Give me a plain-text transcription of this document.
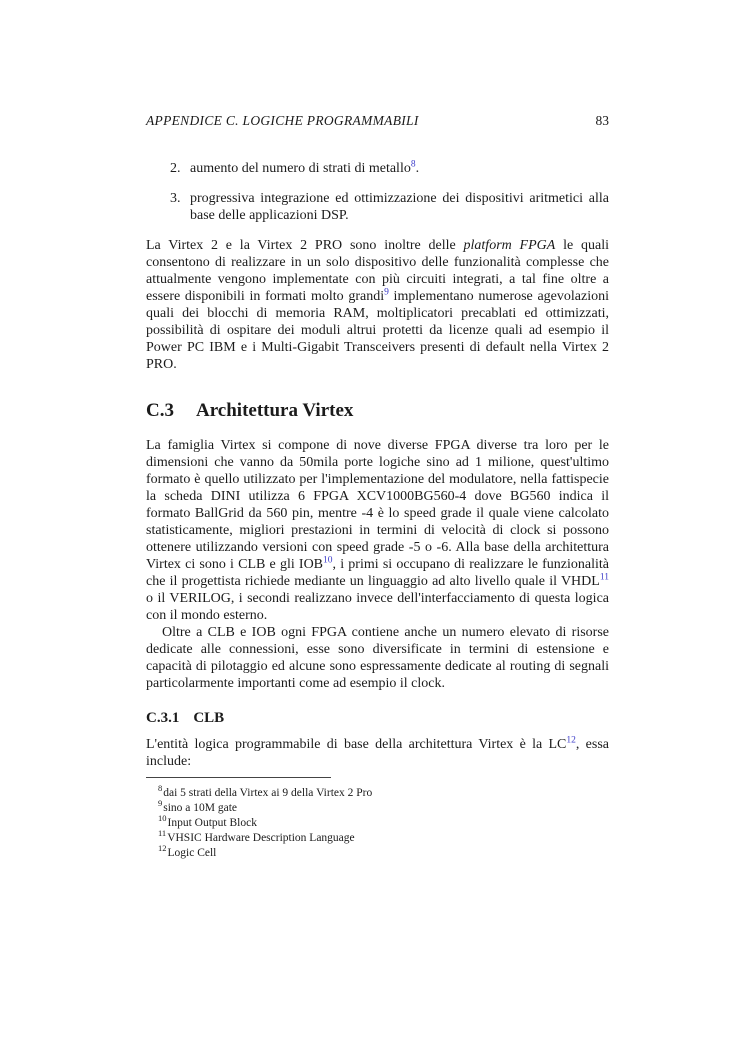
APPENDICE C. LOGICHE PROGRAMMABILI	83
2. aumento del numero di strati di metallo$^8$.
3. progressiva integrazione ed ottimizzazione dei dispositivi aritmetici alla base delle applicazioni DSP.

La Virtex 2 e la Virtex 2 PRO sono inoltre delle platform FPGA le quali consentono di realizzare in un solo dispositivo delle funzionalità complesse che attualmente vengono implementate con più circuiti integrati, a tal fine oltre a essere disponibili in formati molto grandi$^9$ implementano numerose agevolazioni quali dei blocchi di memoria RAM, moltiplicatori precablati ed ottimizzati, possibilità di ospitare dei moduli altrui protetti da licenze quali ad esempio il Power PC IBM e i Multi-Gigabit Transceivers presenti di default nella Virtex 2 PRO.

C.3 Architettura Virtex

La famiglia Virtex si compone di nove diverse FPGA diverse tra loro per le dimensioni che vanno da 50mila porte logiche sino ad 1 milione, quest'ultimo formato è quello utilizzato per l'implementazione del modulatore, nella fattispecie la scheda DINI utilizza 6 FPGA XCV1000BG560-4 dove BG560 indica il formato BallGrid da 560 pin, mentre -4 è lo speed grade il quale viene calcolato statisticamente, migliori prestazioni in termini di velocità di clock si possono ottenere utilizzando versioni con speed grade -5 o -6. Alla base della architettura Virtex ci sono i CLB e gli IOB$^{10}$, i primi si occupano di realizzare le funzionalità che il progettista richiede mediante un linguaggio ad alto livello quale il VHDL$^{11}$ o il VERILOG, i secondi realizzano invece dell'interfacciamento di questa logica con il mondo esterno.

Oltre a CLB e IOB ogni FPGA contiene anche un numero elevato di risorse dedicate alle connessioni, esse sono diversificate in termini di estensione e capacità di pilotaggio ed alcune sono espressamente dedicate al routing di segnali particolarmente importanti come ad esempio il clock.

C.3.1 CLB

L'entità logica programmabile di base della architettura Virtex è la LC$^{12}$, essa include:

$^8$dai 5 strati della Virtex ai 9 della Virtex 2 Pro
$^9$sino a 10M gate
$^{10}$Input Output Block
$^{11}$VHSIC Hardware Description Language
$^{12}$Logic Cell
